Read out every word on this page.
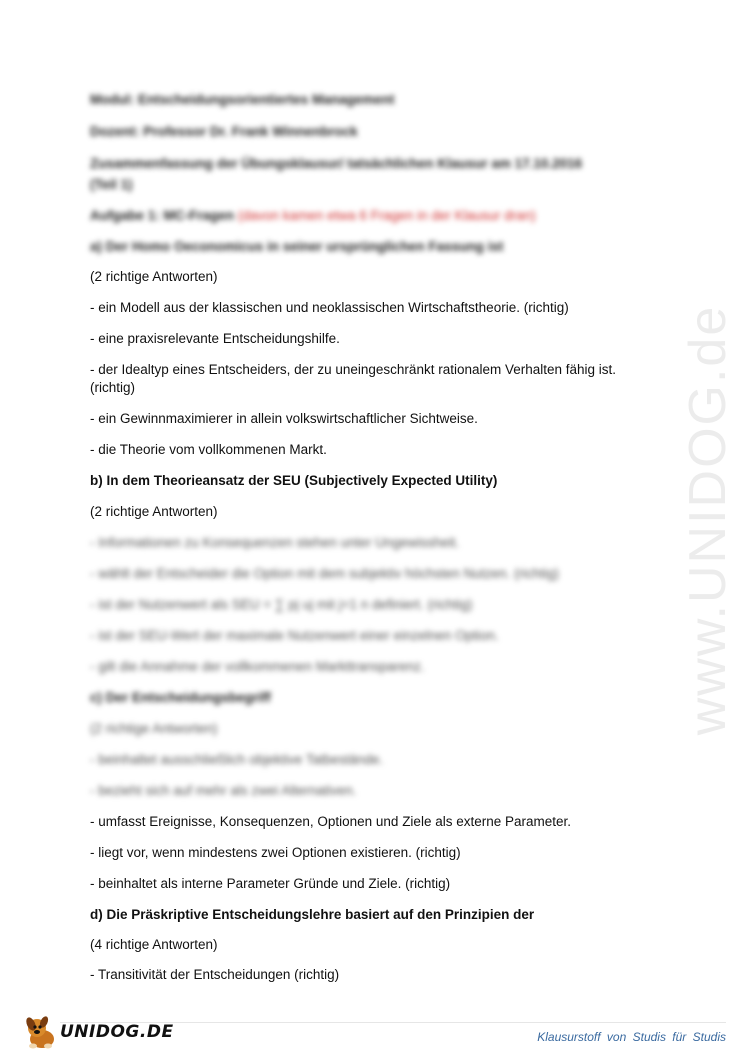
www.UNIDOG.de
Modul: Entscheidungsorientiertes Management
Dozent: Professor Dr. Frank Winnenbrock
Zusammenfassung der Übungsklausur/ tatsächlichen Klausur am 17.10.2016
(Teil 1)
Aufgabe 1: MC-Fragen (davon kamen etwa 6 Fragen in der Klausur dran)
a) Der Homo Oeconomicus in seiner ursprünglichen Fassung ist
(2 richtige Antworten)
- ein Modell aus der klassischen und neoklassischen Wirtschaftstheorie. (richtig)
- eine praxisrelevante Entscheidungshilfe.
- der Idealtyp eines Entscheiders, der zu uneingeschränkt rationalem Verhalten fähig ist.
(richtig)
- ein Gewinnmaximierer in allein volkswirtschaftlicher Sichtweise.
- die Theorie vom vollkommenen Markt.
b) In dem Theorieansatz der SEU (Subjectively Expected Utility)
(2 richtige Antworten)
- Informationen zu Konsequenzen stehen unter Ungewissheit.
- wählt der Entscheider die Option mit dem subjektiv höchsten Nutzen. (richtig)
- ist der Nutzenwert als SEU = ∑ pj uj mit j=1 n definiert. (richtig)
- ist der SEU-Wert der maximale Nutzenwert einer einzelnen Option.
- gilt die Annahme der vollkommenen Markttransparenz.
c) Der Entscheidungsbegriff
(2 richtige Antworten)
- beinhaltet ausschließlich objektive Tatbestände.
- bezieht sich auf mehr als zwei Alternativen.
- umfasst Ereignisse, Konsequenzen, Optionen und Ziele als externe Parameter.
- liegt vor, wenn mindestens zwei Optionen existieren. (richtig)
- beinhaltet als interne Parameter Gründe und Ziele. (richtig)
d) Die Präskriptive Entscheidungslehre basiert auf den Prinzipien der
(4 richtige Antworten)
- Transitivität der Entscheidungen (richtig)
UNIDOG.DE	Klausurstoff von Studis für Studis
